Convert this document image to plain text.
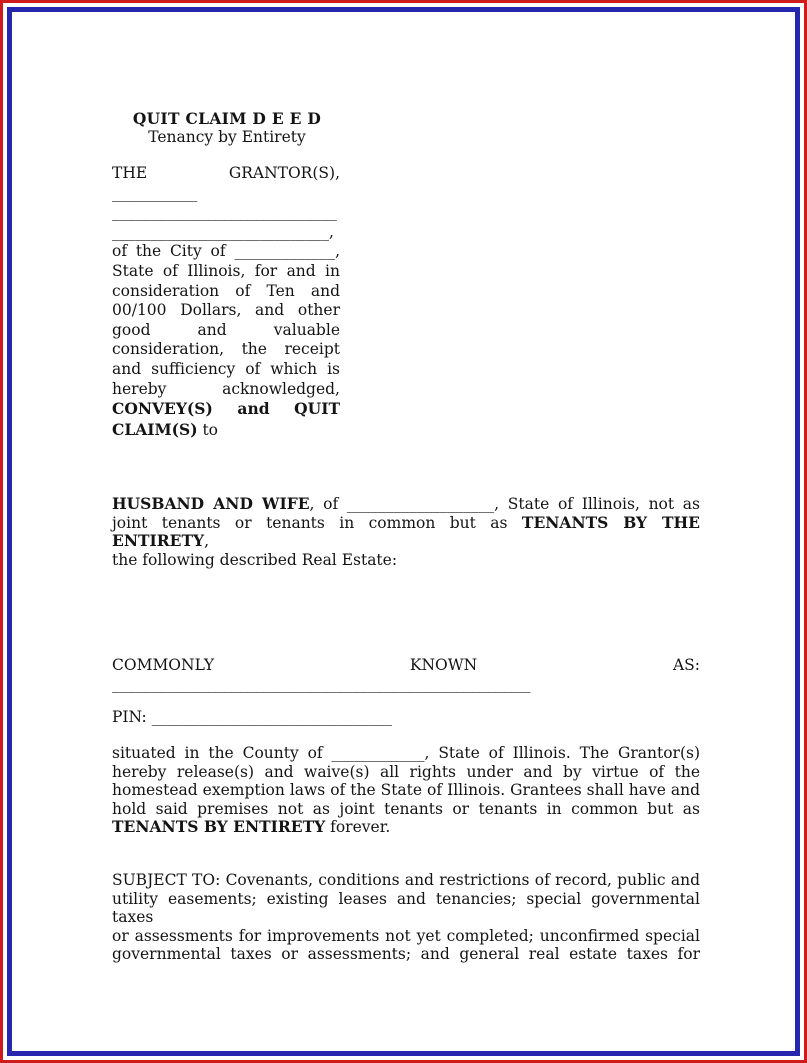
QUIT CLAIM D E E D
Tenancy by Entirety
THE GRANTOR(S),
___________
_____________________________
____________________________,
of the City of _____________,
State of Illinois, for and in
consideration of Ten and
00/100 Dollars, and other
good and valuable
consideration, the receipt
and sufficiency of which is
hereby acknowledged,
CONVEY(S) and QUIT
CLAIM(S) to
HUSBAND AND WIFE, of ___________________, State of Illinois, not as
joint tenants or tenants in common but as TENANTS BY THE ENTIRETY,
the following described Real Estate:
COMMONLY KNOWN AS:
______________________________________________________
PIN: _______________________________
situated in the County of ____________, State of Illinois. The Grantor(s)
hereby release(s) and waive(s) all rights under and by virtue of the
homestead exemption laws of the State of Illinois. Grantees shall have and
hold said premises not as joint tenants or tenants in common but as
TENANTS BY ENTIRETY forever.
SUBJECT TO: Covenants, conditions and restrictions of record, public and
utility easements; existing leases and tenancies; special governmental taxes
or assessments for improvements not yet completed; unconfirmed special
governmental taxes or assessments; and general real estate taxes for
